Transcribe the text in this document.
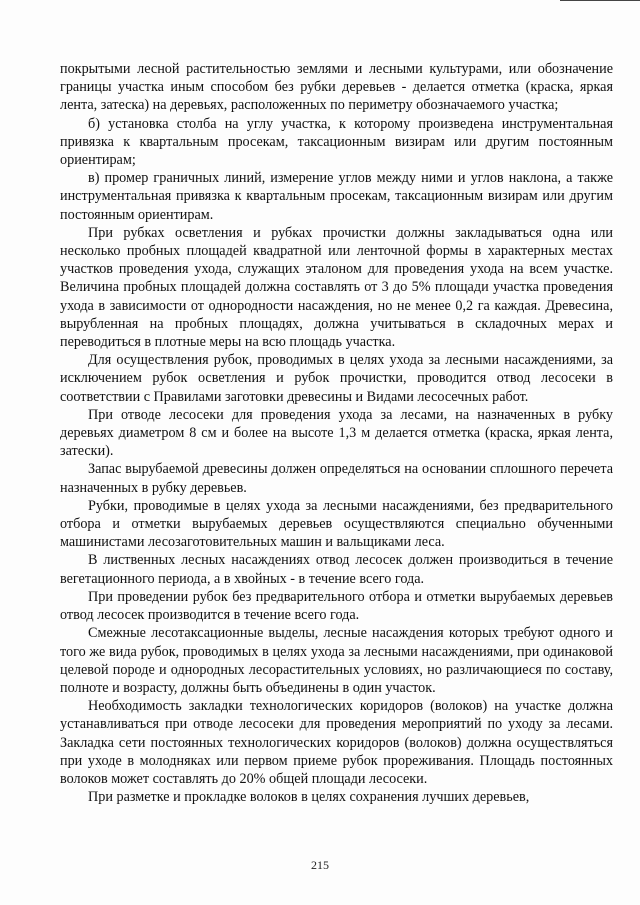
покрытыми лесной растительностью землями и лесными культурами, или обозначение границы участка иным способом без рубки деревьев - делается отметка (краска, яркая лента, затеска) на деревьях, расположенных по периметру обозначаемого участка;

б) установка столба на углу участка, к которому произведена инструментальная привязка к квартальным просекам, таксационным визирам или другим постоянным ориентирам;

в) промер граничных линий, измерение углов между ними и углов наклона, а также инструментальная привязка к квартальным просекам, таксационным визирам или другим постоянным ориентирам.

При рубках осветления и рубках прочистки должны закладываться одна или несколько пробных площадей квадратной или ленточной формы в характерных местах участков проведения ухода, служащих эталоном для проведения ухода на всем участке. Величина пробных площадей должна составлять от 3 до 5% площади участка проведения ухода в зависимости от однородности насаждения, но не менее 0,2 га каждая. Древесина, вырубленная на пробных площадях, должна учитываться в складочных мерах и переводиться в плотные меры на всю площадь участка.

Для осуществления рубок, проводимых в целях ухода за лесными насаждениями, за исключением рубок осветления и рубок прочистки, проводится отвод лесосеки в соответствии с Правилами заготовки древесины и Видами лесосечных работ.

При отводе лесосеки для проведения ухода за лесами, на назначенных в рубку деревьях диаметром 8 см и более на высоте 1,3 м делается отметка (краска, яркая лента, затески).

Запас вырубаемой древесины должен определяться на основании сплошного перечета назначенных в рубку деревьев.

Рубки, проводимые в целях ухода за лесными насаждениями, без предварительного отбора и отметки вырубаемых деревьев осуществляются специально обученными машинистами лесозаготовительных машин и вальщиками леса.

В лиственных лесных насаждениях отвод лесосек должен производиться в течение вегетационного периода, а в хвойных - в течение всего года.

При проведении рубок без предварительного отбора и отметки вырубаемых деревьев отвод лесосек производится в течение всего года.

Смежные лесотаксационные выделы, лесные насаждения которых требуют одного и того же вида рубок, проводимых в целях ухода за лесными насаждениями, при одинаковой целевой породе и однородных лесорастительных условиях, но различающиеся по составу, полноте и возрасту, должны быть объединены в один участок.

Необходимость закладки технологических коридоров (волоков) на участке должна устанавливаться при отводе лесосеки для проведения мероприятий по уходу за лесами. Закладка сети постоянных технологических коридоров (волоков) должна осуществляться при уходе в молодняках или первом приеме рубок прореживания. Площадь постоянных волоков может составлять до 20% общей площади лесосеки.

При разметке и прокладке волоков в целях сохранения лучших деревьев,

215
